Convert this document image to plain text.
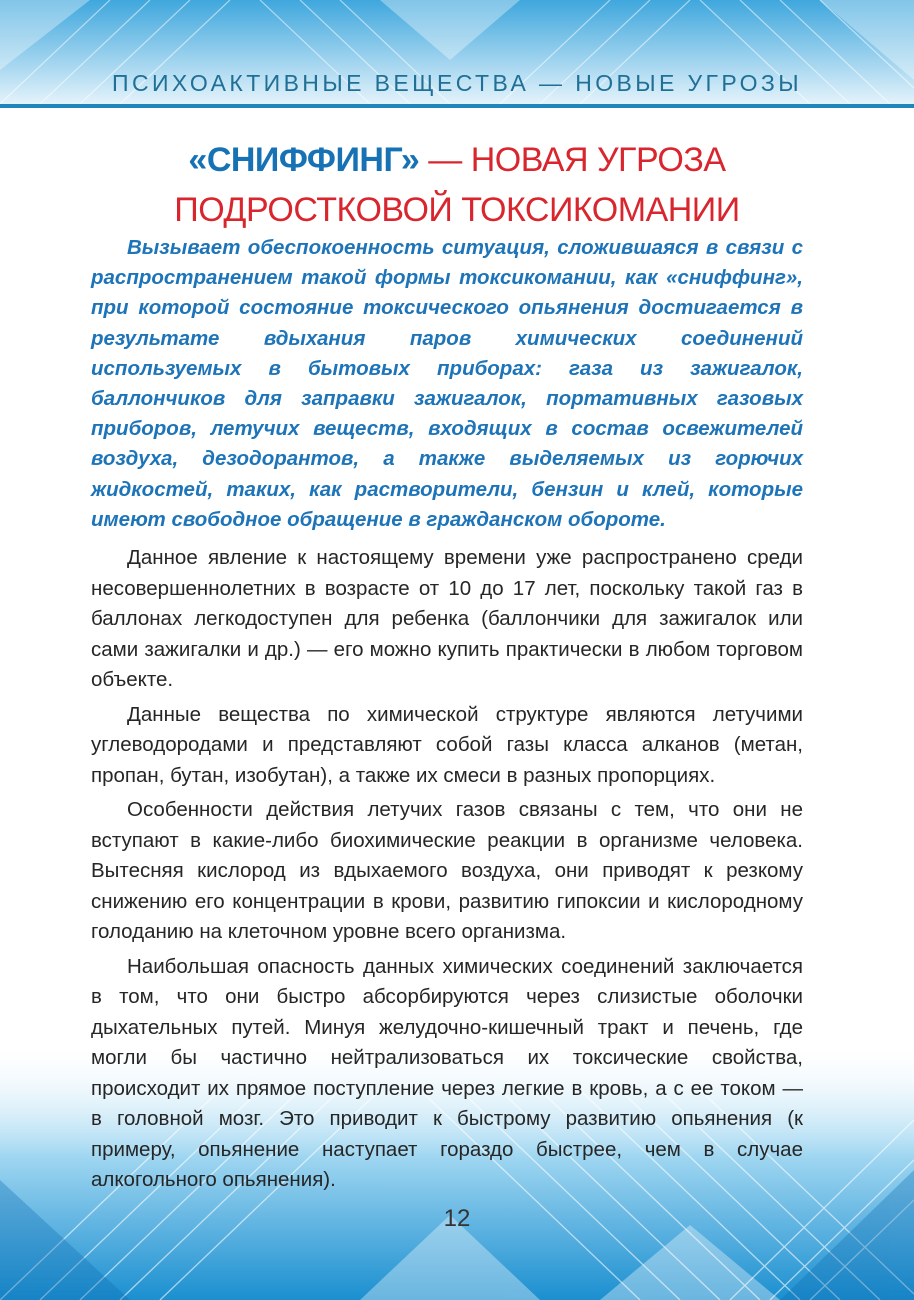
ПСИХОАКТИВНЫЕ ВЕЩЕСТВА — НОВЫЕ УГРОЗЫ
«СНИФФИНГ» — НОВАЯ УГРОЗА
ПОДРОСТКОВОЙ ТОКСИКОМАНИИ

Вызывает обеспокоенность ситуация, сложившаяся в связи с распространением такой формы токсикомании, как «сниффинг», при которой состояние токсического опьянения достигается в результате вдыхания паров химических соединений используемых в бытовых приборах: газа из зажигалок, баллончиков для заправки зажигалок, портативных газовых приборов, летучих веществ, входящих в состав освежителей воздуха, дезодорантов, а также выделяемых из горючих жидкостей, таких, как растворители, бензин и клей, которые имеют свободное обращение в гражданском обороте.

Данное явление к настоящему времени уже распространено среди несовершеннолетних в возрасте от 10 до 17 лет, поскольку такой газ в баллонах легкодоступен для ребенка (баллончики для зажигалок или сами зажигалки и др.) — его можно купить практически в любом торговом объекте.

Данные вещества по химической структуре являются летучими углеводородами и представляют собой газы класса алканов (метан, пропан, бутан, изобутан), а также их смеси в разных пропорциях.

Особенности действия летучих газов связаны с тем, что они не вступают в какие-либо биохимические реакции в организме человека. Вытесняя кислород из вдыхаемого воздуха, они приводят к резкому снижению его концентрации в крови, развитию гипоксии и кислородному голоданию на клеточном уровне всего организма.

Наибольшая опасность данных химических соединений заключается в том, что они быстро абсорбируются через слизистые оболочки дыхательных путей. Минуя желудочно-кишечный тракт и печень, где могли бы частично нейтрализоваться их токсические свойства, происходит их прямое поступление через легкие в кровь, а с ее током — в головной мозг. Это приводит к быстрому развитию опьянения (к примеру, опьянение наступает гораздо быстрее, чем в случае алкогольного опьянения).

12
